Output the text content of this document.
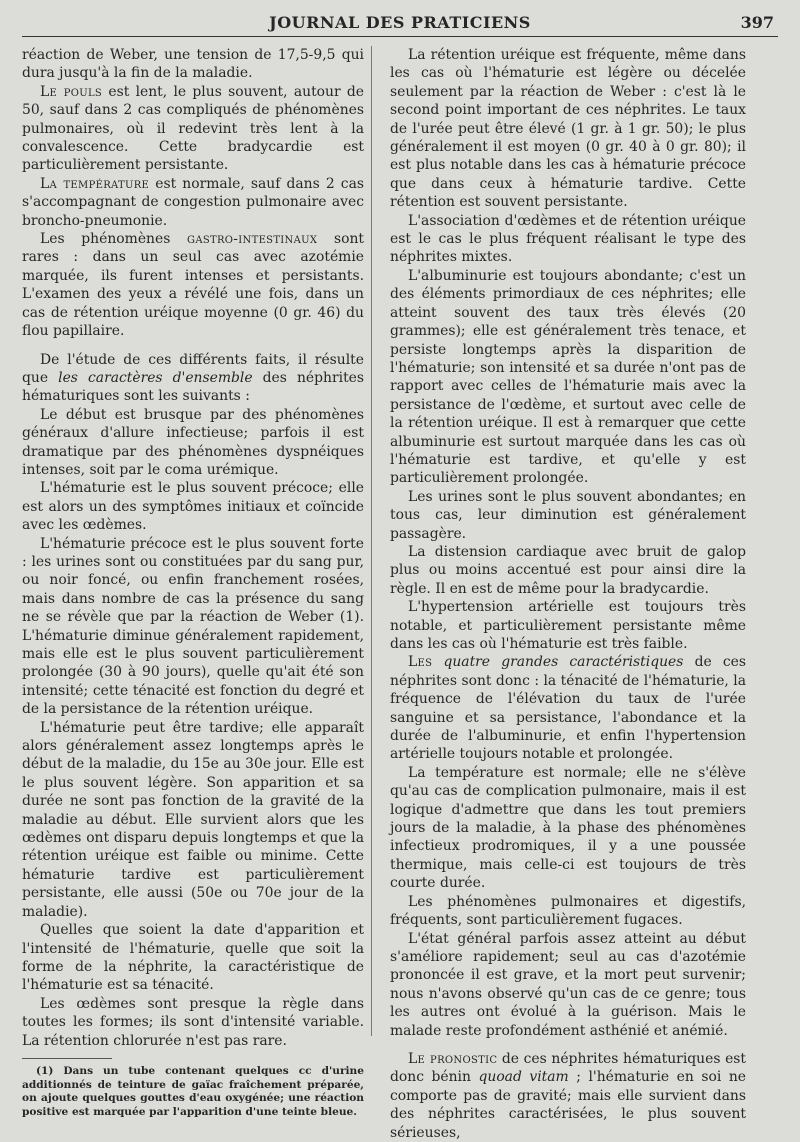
JOURNAL DES PRATICIENS	397

réaction de Weber, une tension de 17,5-9,5 qui dura jusqu'à la fin de la maladie.

Le pouls est lent, le plus souvent, autour de 50, sauf dans 2 cas compliqués de phénomènes pulmonaires, où il redevint très lent à la convalescence. Cette bradycardie est particulièrement persistante.

La température est normale, sauf dans 2 cas s'accompagnant de congestion pulmonaire avec broncho-pneumonie.

Les phénomènes gastro-intestinaux sont rares : dans un seul cas avec azotémie marquée, ils furent intenses et persistants. L'examen des yeux a révélé une fois, dans un cas de rétention uréique moyenne (0 gr. 46) du flou papillaire.

De l'étude de ces différents faits, il résulte que les caractères d'ensemble des néphrites hématuriques sont les suivants :

Le début est brusque par des phénomènes généraux d'allure infectieuse; parfois il est dramatique par des phénomènes dyspnéiques intenses, soit par le coma urémique.

L'hématurie est le plus souvent précoce; elle est alors un des symptômes initiaux et coïncide avec les œdèmes.

L'hématurie précoce est le plus souvent forte : les urines sont ou constituées par du sang pur, ou noir foncé, ou enfin franchement rosées, mais dans nombre de cas la présence du sang ne se révèle que par la réaction de Weber (1). L'hématurie diminue généralement rapidement, mais elle est le plus souvent particulièrement prolongée (30 à 90 jours), quelle qu'ait été son intensité; cette ténacité est fonction du degré et de la persistance de la rétention uréique.

L'hématurie peut être tardive; elle apparaît alors généralement assez longtemps après le début de la maladie, du 15e au 30e jour. Elle est le plus souvent légère. Son apparition et sa durée ne sont pas fonction de la gravité de la maladie au début. Elle survient alors que les œdèmes ont disparu depuis longtemps et que la rétention uréique est faible ou minime. Cette hématurie tardive est particulièrement persistante, elle aussi (50e ou 70e jour de la maladie).

Quelles que soient la date d'apparition et l'intensité de l'hématurie, quelle que soit la forme de la néphrite, la caractéristique de l'hématurie est sa ténacité.

Les œdèmes sont presque la règle dans toutes les formes; ils sont d'intensité variable. La rétention chlorurée n'est pas rare.

(1) Dans un tube contenant quelques cc d'urine additionnés de teinture de gaïac fraîchement préparée, on ajoute quelques gouttes d'eau oxygénée; une réaction positive est marquée par l'apparition d'une teinte bleue.

La rétention uréique est fréquente, même dans les cas où l'hématurie est légère ou décelée seulement par la réaction de Weber : c'est là le second point important de ces néphrites. Le taux de l'urée peut être élevé (1 gr. à 1 gr. 50); le plus généralement il est moyen (0 gr. 40 à 0 gr. 80); il est plus notable dans les cas à hématurie précoce que dans ceux à hématurie tardive. Cette rétention est souvent persistante.

L'association d'œdèmes et de rétention uréique est le cas le plus fréquent réalisant le type des néphrites mixtes.

L'albuminurie est toujours abondante; c'est un des éléments primordiaux de ces néphrites; elle atteint souvent des taux très élevés (20 grammes); elle est généralement très tenace, et persiste longtemps après la disparition de l'hématurie; son intensité et sa durée n'ont pas de rapport avec celles de l'hématurie mais avec la persistance de l'œdème, et surtout avec celle de la rétention uréique. Il est à remarquer que cette albuminurie est surtout marquée dans les cas où l'hématurie est tardive, et qu'elle y est particulièrement prolongée.

Les urines sont le plus souvent abondantes; en tous cas, leur diminution est généralement passagère.

La distension cardiaque avec bruit de galop plus ou moins accentué est pour ainsi dire la règle. Il en est de même pour la bradycardie.

L'hypertension artérielle est toujours très notable, et particulièrement persistante même dans les cas où l'hématurie est très faible.

Les quatre grandes caractéristiques de ces néphrites sont donc : la ténacité de l'hématurie, la fréquence de l'élévation du taux de l'urée sanguine et sa persistance, l'abondance et la durée de l'albuminurie, et enfin l'hypertension artérielle toujours notable et prolongée.

La température est normale; elle ne s'élève qu'au cas de complication pulmonaire, mais il est logique d'admettre que dans les tout premiers jours de la maladie, à la phase des phénomènes infectieux prodromiques, il y a une poussée thermique, mais celle-ci est toujours de très courte durée.

Les phénomènes pulmonaires et digestifs, fréquents, sont particulièrement fugaces.

L'état général parfois assez atteint au début s'améliore rapidement; seul au cas d'azotémie prononcée il est grave, et la mort peut survenir; nous n'avons observé qu'un cas de ce genre; tous les autres ont évolué à la guérison. Mais le malade reste profondément asthénié et anémié.

Le pronostic de ces néphrites hématuriques est donc bénin quoad vitam ; l'hématurie en soi ne comporte pas de gravité; mais elle survient dans des néphrites caractérisées, le plus souvent sérieuses,
